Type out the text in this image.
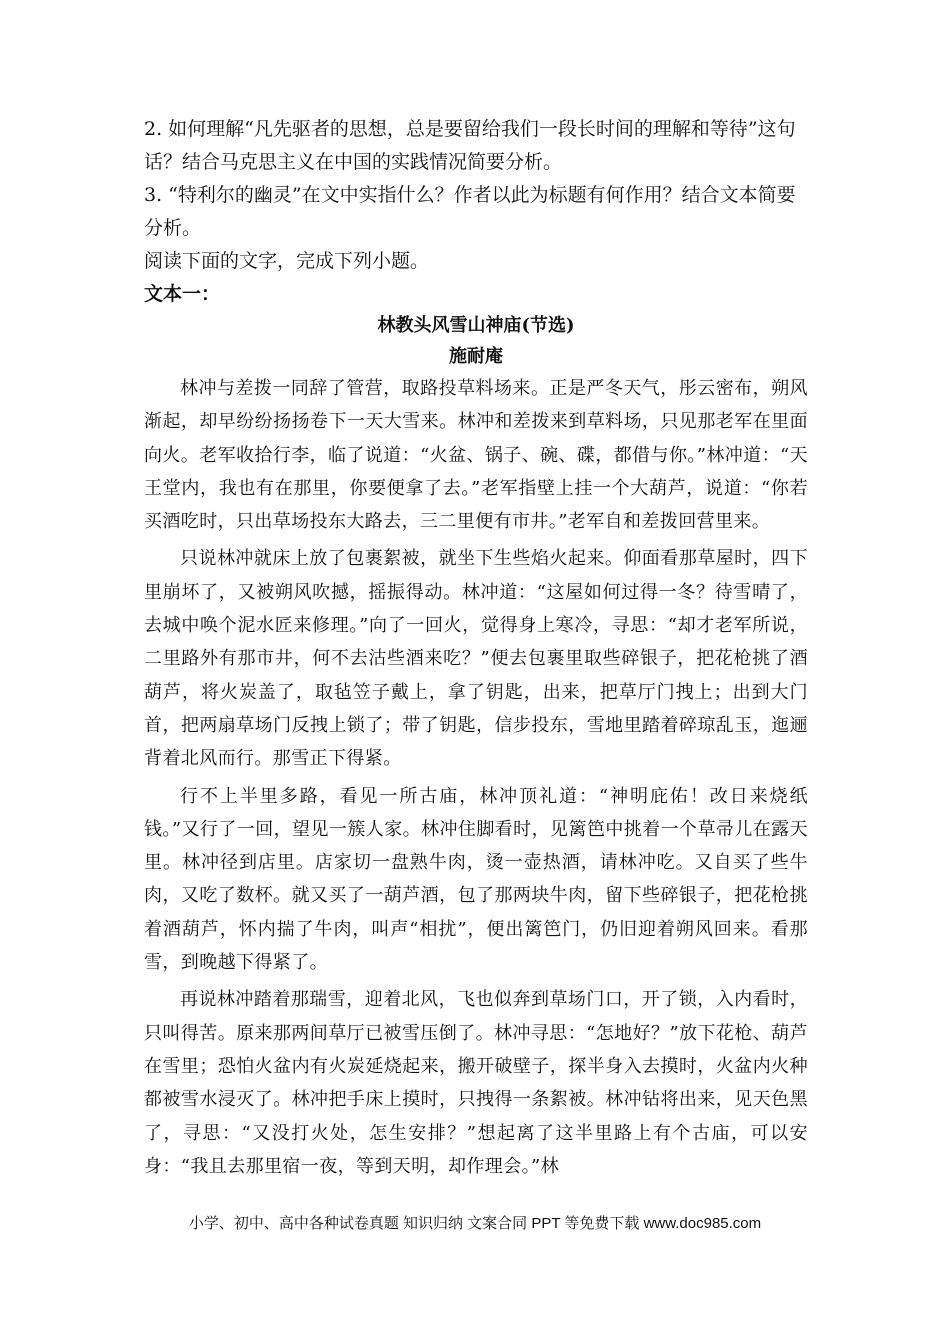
2. 如何理解“凡先驱者的思想，总是要留给我们一段长时间的理解和等待”这句话？结合马克思主义在中国的实践情况简要分析。

3. “特利尔的幽灵”在文中实指什么？作者以此为标题有何作用？结合文本简要分析。

阅读下面的文字，完成下列小题。

文本一：
林教头风雪山神庙(节选)
施耐庵

林冲与差拨一同辞了管营，取路投草料场来。正是严冬天气，彤云密布，朔风渐起，却早纷纷扬扬卷下一天大雪来。林冲和差拨来到草料场，只见那老军在里面向火。老军收拾行李，临了说道：“火盆、锅子、碗、碟，都借与你。”林冲道：“天王堂内，我也有在那里，你要便拿了去。”老军指壁上挂一个大葫芦，说道：“你若买酒吃时，只出草场投东大路去，三二里便有市井。”老军自和差拨回营里来。

只说林冲就床上放了包裹絮被，就坐下生些焰火起来。仰面看那草屋时，四下里崩坏了，又被朔风吹撼，摇振得动。林冲道：“这屋如何过得一冬？待雪晴了，去城中唤个泥水匠来修理。”向了一回火，觉得身上寒冷，寻思：“却才老军所说，二里路外有那市井，何不去沽些酒来吃？”便去包裹里取些碎银子，把花枪挑了酒葫芦，将火炭盖了，取毡笠子戴上，拿了钥匙，出来，把草厅门拽上；出到大门首，把两扇草场门反拽上锁了；带了钥匙，信步投东，雪地里踏着碎琼乱玉，迤逦背着北风而行。那雪正下得紧。

行不上半里多路，看见一所古庙，林冲顶礼道：“神明庇佑！改日来烧纸钱。”又行了一回，望见一簇人家。林冲住脚看时，见篱笆中挑着一个草帚儿在露天里。林冲径到店里。店家切一盘熟牛肉，烫一壶热酒，请林冲吃。又自买了些牛肉，又吃了数杯。就又买了一葫芦酒，包了那两块牛肉，留下些碎银子，把花枪挑着酒葫芦，怀内揣了牛肉，叫声“相扰”，便出篱笆门，仍旧迎着朔风回来。看那雪，到晚越下得紧了。

再说林冲踏着那瑞雪，迎着北风，飞也似奔到草场门口，开了锁，入内看时，只叫得苦。原来那两间草厅已被雪压倒了。林冲寻思：“怎地好？”放下花枪、葫芦在雪里；恐怕火盆内有火炭延烧起来，搬开破壁子，探半身入去摸时，火盆内火种都被雪水浸灭了。林冲把手床上摸时，只拽得一条絮被。林冲钻将出来，见天色黑了，寻思：“又没打火处，怎生安排？”想起离了这半里路上有个古庙，可以安身：“我且去那里宿一夜，等到天明，却作理会。”林

小学、初中、高中各种试卷真题 知识归纳 文案合同 PPT 等免费下载 www.doc985.com
